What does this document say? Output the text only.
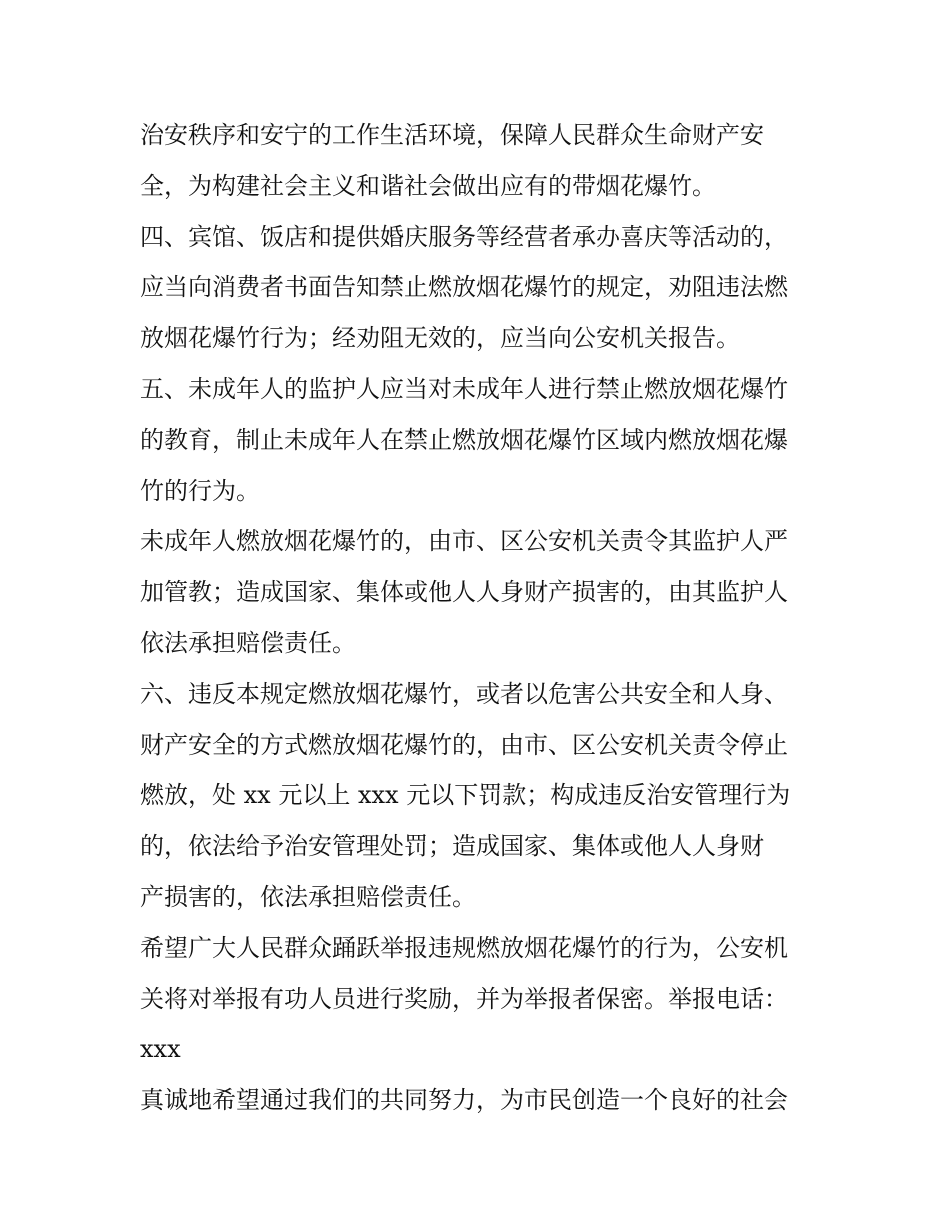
治安秩序和安宁的工作生活环境，保障人民群众生命财产安
全，为构建社会主义和谐社会做出应有的带烟花爆竹。
四、宾馆、饭店和提供婚庆服务等经营者承办喜庆等活动的，
应当向消费者书面告知禁止燃放烟花爆竹的规定，劝阻违法燃
放烟花爆竹行为；经劝阻无效的，应当向公安机关报告。
五、未成年人的监护人应当对未成年人进行禁止燃放烟花爆竹
的教育，制止未成年人在禁止燃放烟花爆竹区域内燃放烟花爆
竹的行为。
未成年人燃放烟花爆竹的，由市、区公安机关责令其监护人严
加管教；造成国家、集体或他人人身财产损害的，由其监护人
依法承担赔偿责任。
六、违反本规定燃放烟花爆竹，或者以危害公共安全和人身、
财产安全的方式燃放烟花爆竹的，由市、区公安机关责令停止
燃放，处 xx 元以上 xxx 元以下罚款；构成违反治安管理行为
的，依法给予治安管理处罚；造成国家、集体或他人人身财
产损害的，依法承担赔偿责任。
希望广大人民群众踊跃举报违规燃放烟花爆竹的行为，公安机
关将对举报有功人员进行奖励，并为举报者保密。举报电话：
xxx
真诚地希望通过我们的共同努力，为市民创造一个良好的社会
